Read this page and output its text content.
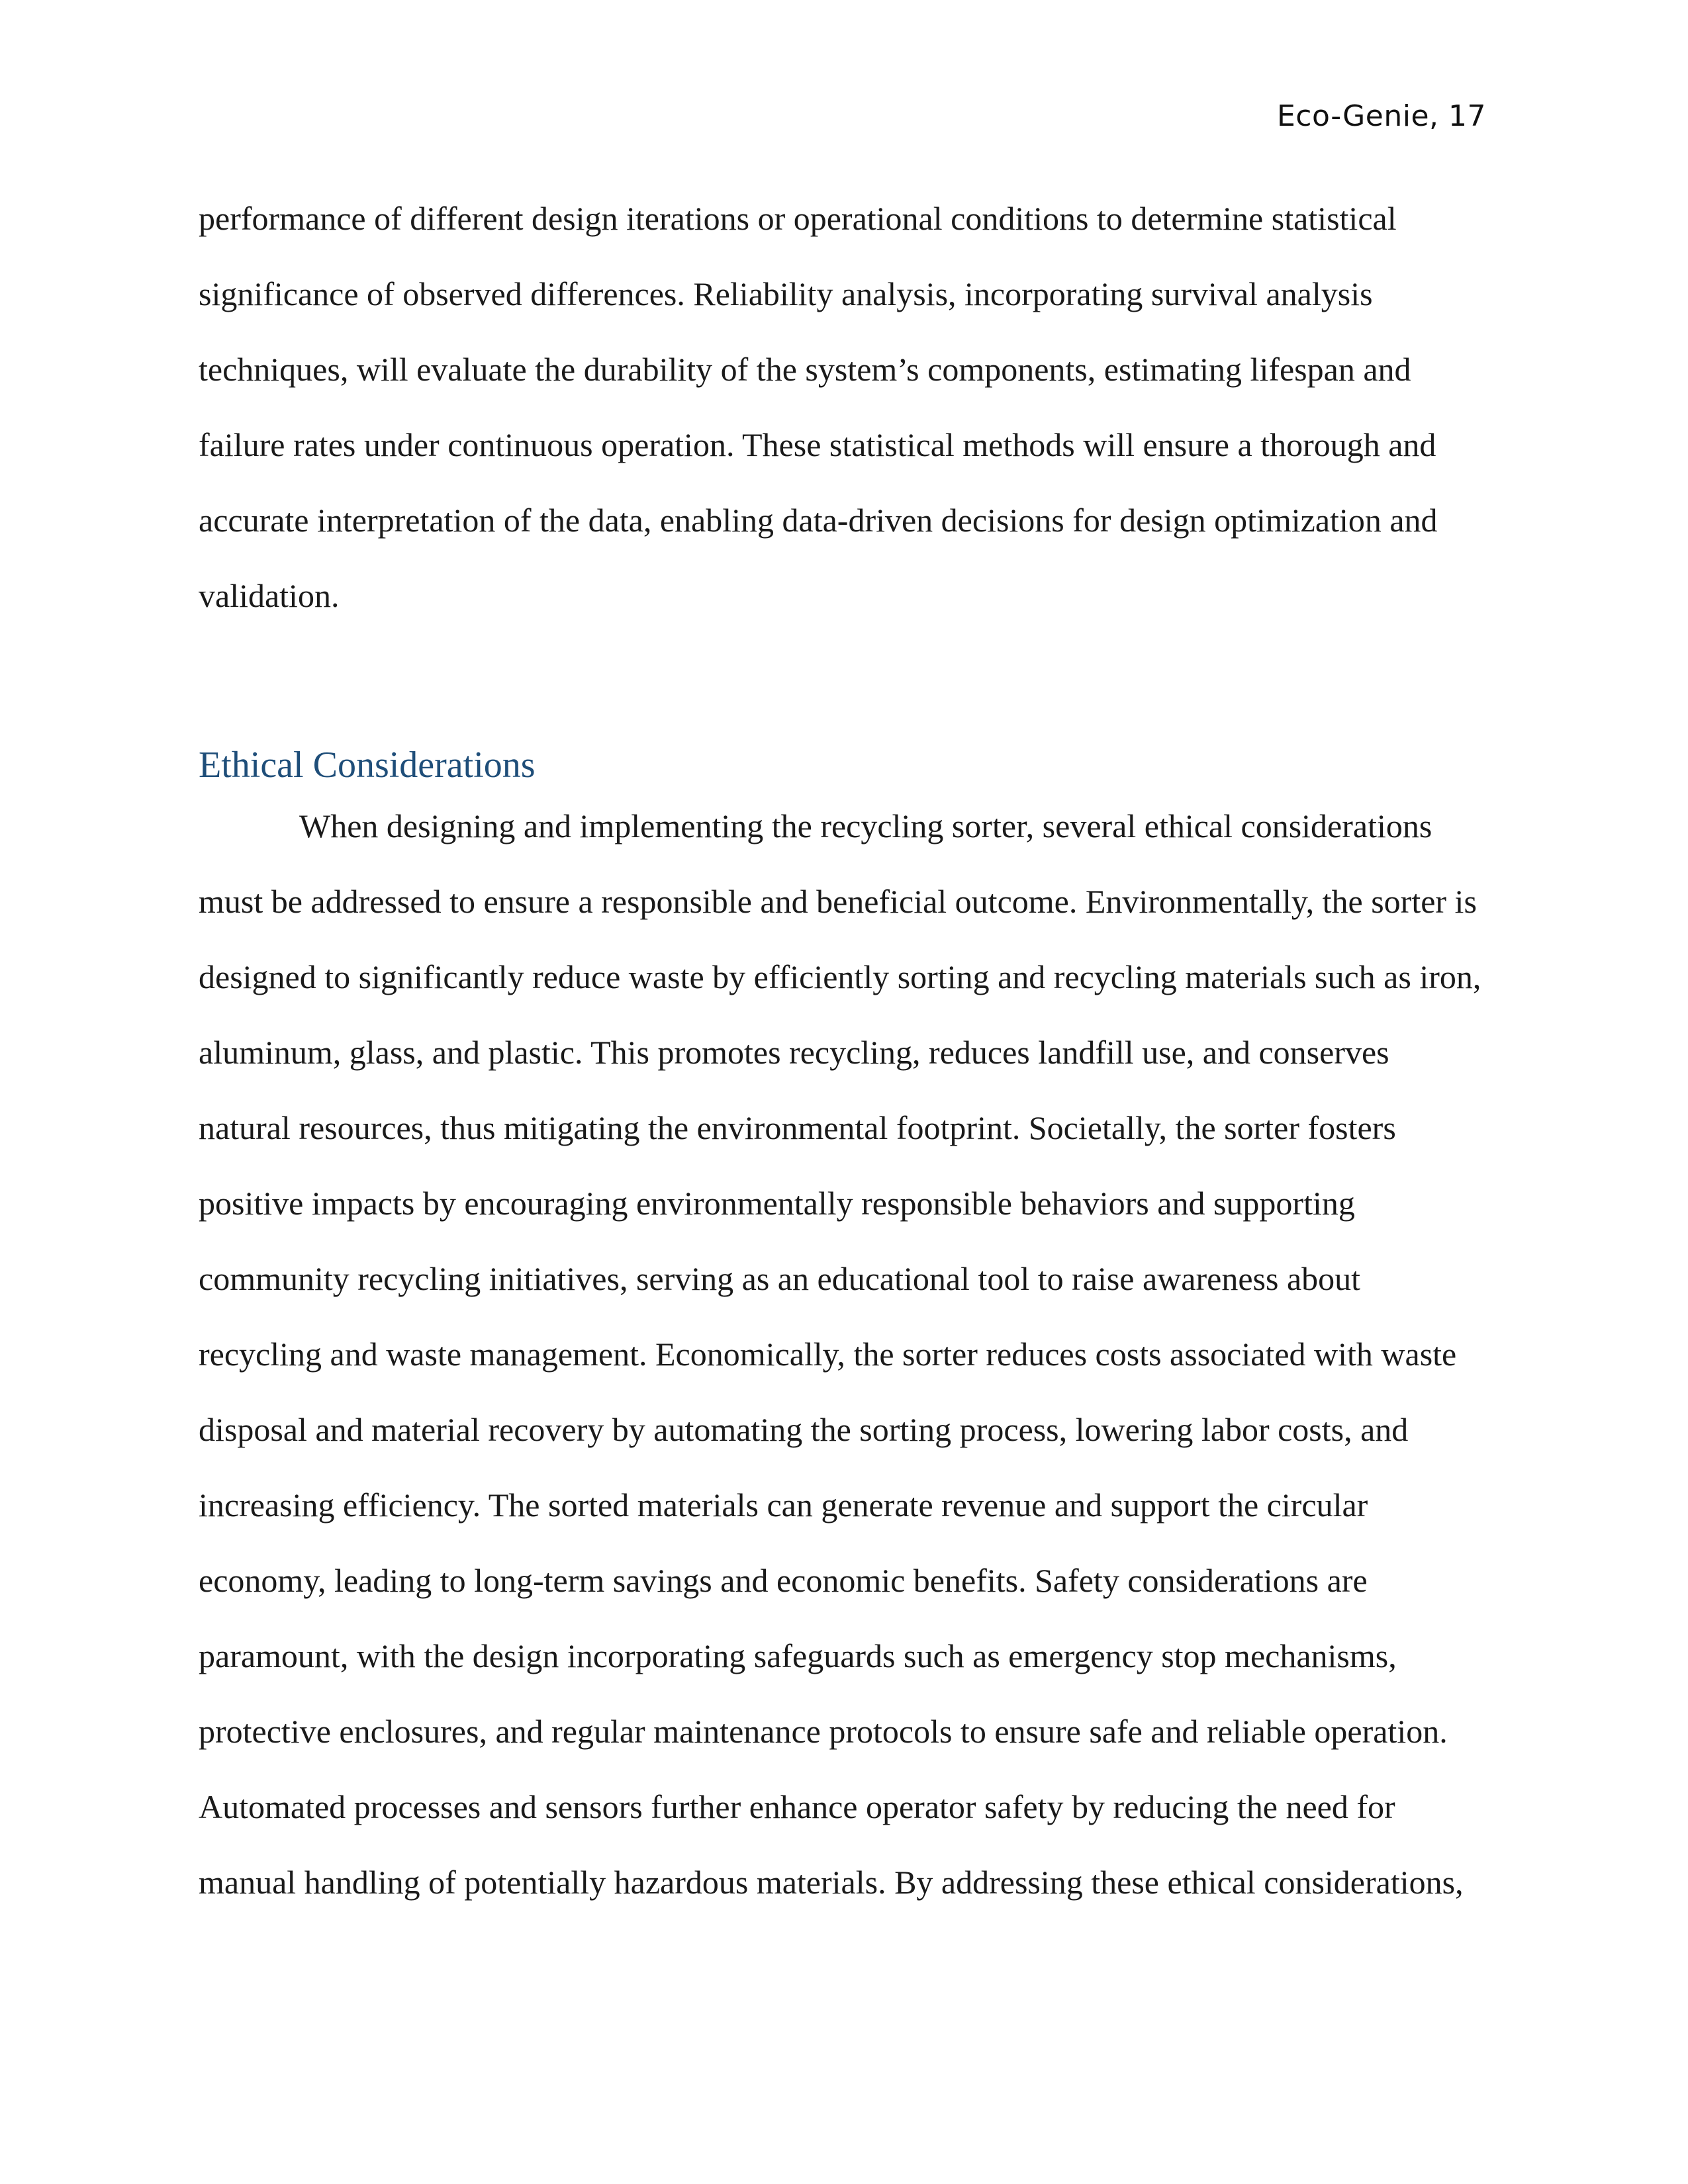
Eco-Genie, 17
performance of different design iterations or operational conditions to determine statistical
significance of observed differences. Reliability analysis, incorporating survival analysis
techniques, will evaluate the durability of the system’s components, estimating lifespan and
failure rates under continuous operation. These statistical methods will ensure a thorough and
accurate interpretation of the data, enabling data-driven decisions for design optimization and
validation.
Ethical Considerations
When designing and implementing the recycling sorter, several ethical considerations
must be addressed to ensure a responsible and beneficial outcome. Environmentally, the sorter is
designed to significantly reduce waste by efficiently sorting and recycling materials such as iron,
aluminum, glass, and plastic. This promotes recycling, reduces landfill use, and conserves
natural resources, thus mitigating the environmental footprint. Societally, the sorter fosters
positive impacts by encouraging environmentally responsible behaviors and supporting
community recycling initiatives, serving as an educational tool to raise awareness about
recycling and waste management. Economically, the sorter reduces costs associated with waste
disposal and material recovery by automating the sorting process, lowering labor costs, and
increasing efficiency. The sorted materials can generate revenue and support the circular
economy, leading to long-term savings and economic benefits. Safety considerations are
paramount, with the design incorporating safeguards such as emergency stop mechanisms,
protective enclosures, and regular maintenance protocols to ensure safe and reliable operation.
Automated processes and sensors further enhance operator safety by reducing the need for
manual handling of potentially hazardous materials. By addressing these ethical considerations,
